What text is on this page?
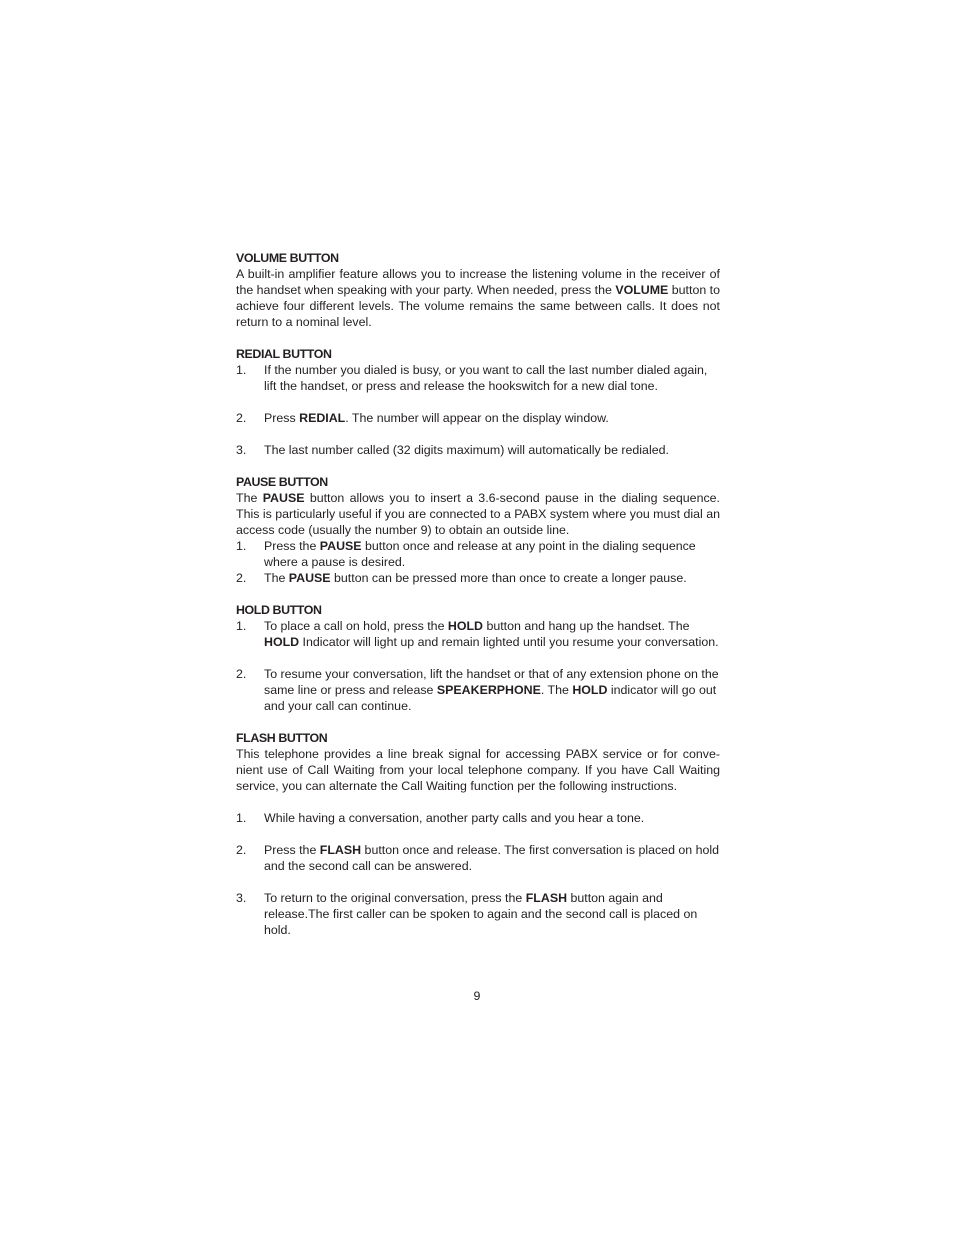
VOLUME BUTTON

A built-in amplifier feature allows you to increase the listening volume in the receiver of the handset when speaking with your party. When needed, press the VOLUME button to achieve four different levels. The volume remains the same between calls. It does not return to a nominal level.

REDIAL BUTTON

1.	If the number you dialed is busy, or you want to call the last number dialed again, lift the handset, or press and release the hookswitch for a new dial tone.
2.	Press REDIAL. The number will appear on the display window.
3.	The last number called (32 digits maximum) will automatically be redialed.

PAUSE BUTTON

The PAUSE button allows you to insert a 3.6-second pause in the dialing sequence. This is particularly useful if you are connected to a PABX system where you must dial an access code (usually the number 9) to obtain an outside line.

1.	Press the PAUSE button once and release at any point in the dialing sequence where a pause is desired.
2.	The PAUSE button can be pressed more than once to create a longer pause.

HOLD BUTTON

1.	To place a call on hold, press the HOLD button and hang up the handset. The HOLD Indicator will light up and remain lighted until you resume your conversation.
2.	To resume your conversation, lift the handset or that of any extension phone on the same line or press and release SPEAKERPHONE. The HOLD indicator will go out and your call can continue.

FLASH BUTTON

This telephone provides a line break signal for accessing PABX service or for conve-nient use of Call Waiting from your local telephone company. If you have Call Waiting service, you can alternate the Call Waiting function per the following instructions.

1.	While having a conversation, another party calls and you hear a tone.
2.	Press the FLASH button once and release. The first conversation is placed on hold and the second call can be answered.
3.	To return to the original conversation, press the FLASH button again and release.The first caller can be spoken to again and the second call is placed on hold.
9
